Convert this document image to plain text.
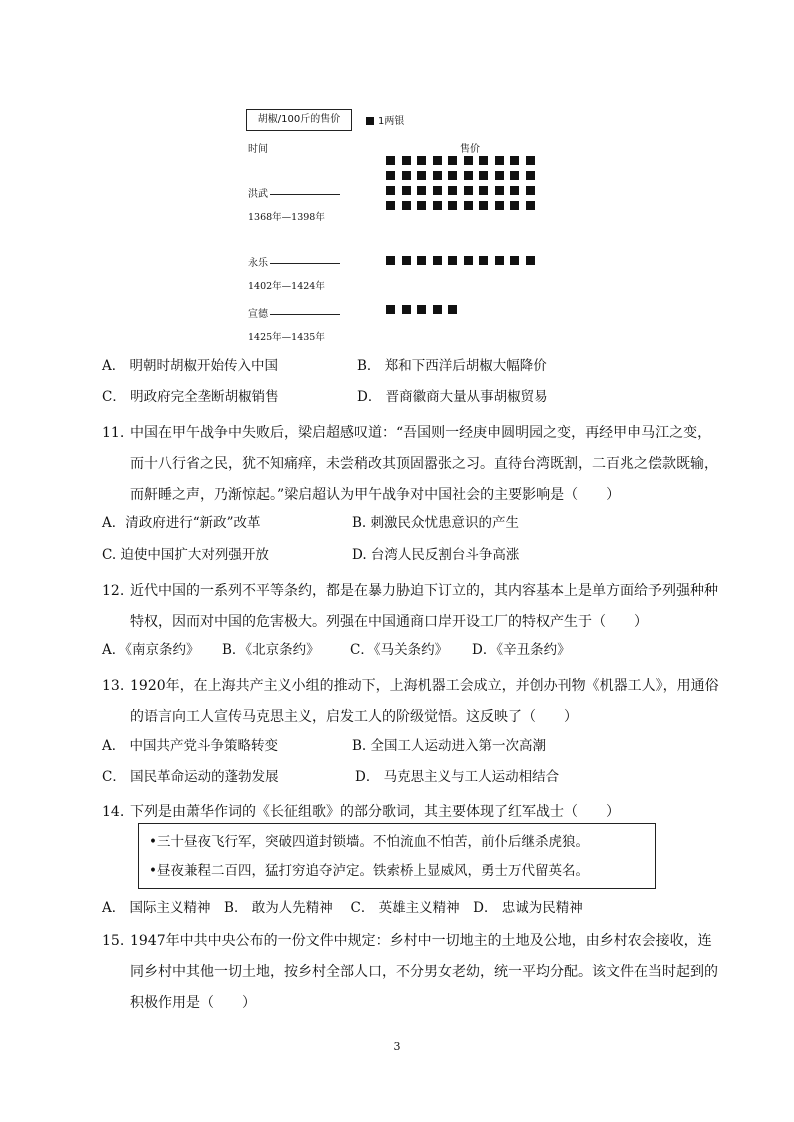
胡椒/100斤的售价	1两银
时间	售价
洪武
1368年—1398年
永乐
1402年—1424年
宣德
1425年—1435年
A． 明朝时胡椒开始传入中国	B． 郑和下西洋后胡椒大幅降价
C． 明政府完全垄断胡椒销售	D． 晋商徽商大量从事胡椒贸易
11. 中国在甲午战争中失败后，梁启超感叹道：“吾国则一经庚申圆明园之变，再经甲申马江之变，而十八行省之民，犹不知痛痒，未尝稍改其顶固嚣张之习。直待台湾既割，二百兆之偿款既输，而鼾睡之声，乃渐惊起。”梁启超认为甲午战争对中国社会的主要影响是（　　）
A．清政府进行“新政”改革	B. 刺激民众忧患意识的产生
C. 迫使中国扩大对列强开放	D. 台湾人民反割台斗争高涨
12. 近代中国的一系列不平等条约，都是在暴力胁迫下订立的，其内容基本上是单方面给予列强种种特权，因而对中国的危害极大。列强在中国通商口岸开设工厂的特权产生于（　　）
A．《南京条约》 B．《北京条约》 C．《马关条约》 D．《辛丑条约》
13. 1920年，在上海共产主义小组的推动下，上海机器工会成立，并创办刊物《机器工人》，用通俗的语言向工人宣传马克思主义，启发工人的阶级觉悟。这反映了（　　）
A． 中国共产党斗争策略转变	B. 全国工人运动进入第一次高潮
C． 国民革命运动的蓬勃发展	D． 马克思主义与工人运动相结合
14. 下列是由萧华作词的《长征组歌》的部分歌词，其主要体现了红军战士（　　）
•三十昼夜飞行军，突破四道封锁墙。不怕流血不怕苦，前仆后继杀虎狼。
•昼夜兼程二百四，猛打穷追夺泸定。铁索桥上显威风，勇士万代留英名。
A． 国际主义精神　B． 敢为人先精神　 C． 英雄主义精神　D． 忠诚为民精神
15. 1947年中共中央公布的一份文件中规定：乡村中一切地主的土地及公地，由乡村农会接收，连同乡村中其他一切土地，按乡村全部人口，不分男女老幼，统一平均分配。该文件在当时起到的积极作用是（　　）
3
